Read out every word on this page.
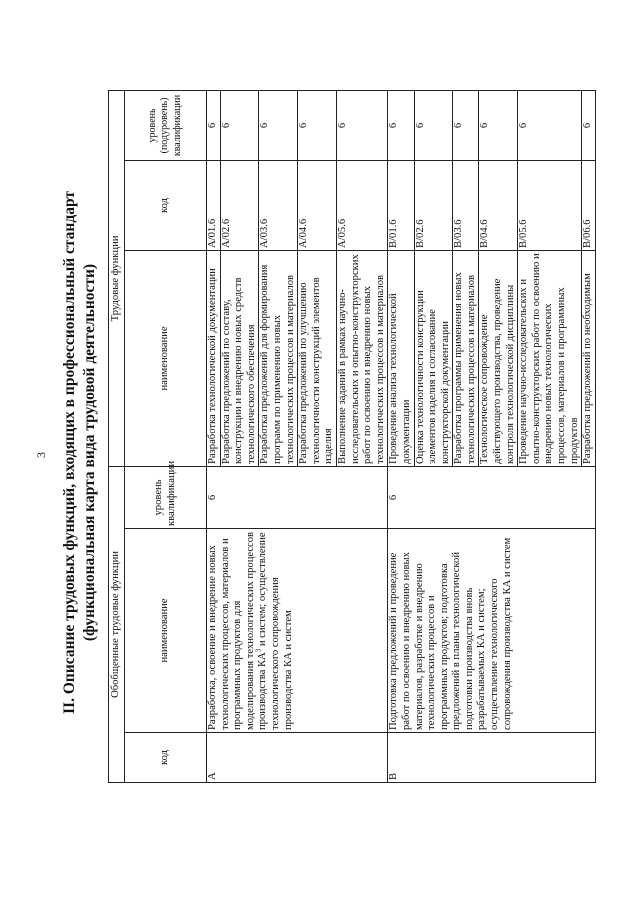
3 II. Описание трудовых функций, входящих в профессиональный стандарт (функциональная карта вида трудовой деятельности) Обобщенные трудовые функции			Трудовые функции		
код	наименование	уровень квалификации	наименование	код	уровень (подуровень) квалификации
A	Разработка, освоение и внедрение новых технологических процессов, материалов и программных продуктов для моделирования технологических процессов производства $КА^3$ и систем; осуществление технологического сопровождения производства КА и систем	6	Разработка технологической документации	A/01.6	6
			Разработка предложений по составу, конструкции и внедрению новых средств технологического обеспечения	A/02.6	6
			Разработка предложений для формирования программ по применению новых технологических процессов и материалов	A/03.6	6
			Разработка предложений по улучшению технологичности конструкций элементов изделия	A/04.6	6
			Выполнение заданий в рамках научно-исследовательских и опытно-конструкторских работ по освоению и внедрению новых технологических процессов и материалов	A/05.6	6
B	Подготовка предложений и проведение работ по освоению и внедрению новых материалов, разработке и внедрению технологических процессов и программных продуктов; подготовка предложений в планы технологической подготовки производства вновь разрабатываемых КА и систем; осуществление технологического сопровождения производства КА и систем	6	Проведение анализа технологической документации	B/01.6	6
			Оценка технологичности конструкции элементов изделия и согласование конструкторской документации	B/02.6	6
			Разработка программы применения новых технологических процессов и материалов	B/03.6	6
			Технологическое сопровождение действующего производства, проведение контроля технологической дисциплины	B/04.6	6
			Проведение научно-исследовательских и опытно-конструкторских работ по освоению и внедрению новых технологических процессов, материалов и программных продуктов	B/05.6	6
			Разработка предложений по необходимым	B/06.6	6
